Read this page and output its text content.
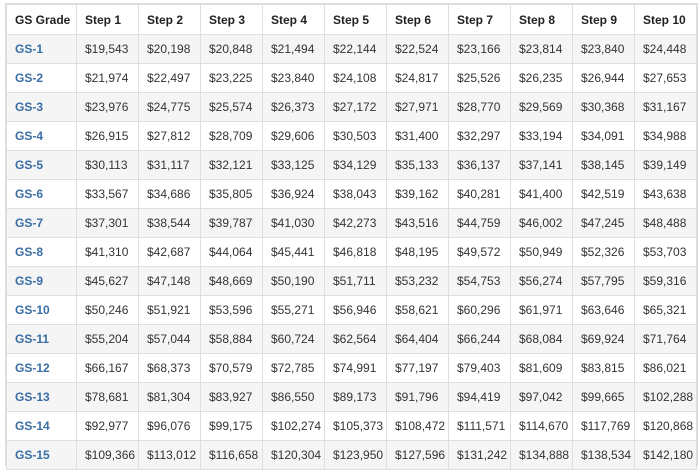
GS Grade	Step 1	Step 2	Step 3	Step 4	Step 5	Step 6	Step 7	Step 8	Step 9	Step 10
GS-1	$19,543	$20,198	$20,848	$21,494	$22,144	$22,524	$23,166	$23,814	$23,840	$24,448
GS-2	$21,974	$22,497	$23,225	$23,840	$24,108	$24,817	$25,526	$26,235	$26,944	$27,653
GS-3	$23,976	$24,775	$25,574	$26,373	$27,172	$27,971	$28,770	$29,569	$30,368	$31,167
GS-4	$26,915	$27,812	$28,709	$29,606	$30,503	$31,400	$32,297	$33,194	$34,091	$34,988
GS-5	$30,113	$31,117	$32,121	$33,125	$34,129	$35,133	$36,137	$37,141	$38,145	$39,149
GS-6	$33,567	$34,686	$35,805	$36,924	$38,043	$39,162	$40,281	$41,400	$42,519	$43,638
GS-7	$37,301	$38,544	$39,787	$41,030	$42,273	$43,516	$44,759	$46,002	$47,245	$48,488
GS-8	$41,310	$42,687	$44,064	$45,441	$46,818	$48,195	$49,572	$50,949	$52,326	$53,703
GS-9	$45,627	$47,148	$48,669	$50,190	$51,711	$53,232	$54,753	$56,274	$57,795	$59,316
GS-10	$50,246	$51,921	$53,596	$55,271	$56,946	$58,621	$60,296	$61,971	$63,646	$65,321
GS-11	$55,204	$57,044	$58,884	$60,724	$62,564	$64,404	$66,244	$68,084	$69,924	$71,764
GS-12	$66,167	$68,373	$70,579	$72,785	$74,991	$77,197	$79,403	$81,609	$83,815	$86,021
GS-13	$78,681	$81,304	$83,927	$86,550	$89,173	$91,796	$94,419	$97,042	$99,665	$102,288
GS-14	$92,977	$96,076	$99,175	$102,274	$105,373	$108,472	$111,571	$114,670	$117,769	$120,868
GS-15	$109,366	$113,012	$116,658	$120,304	$123,950	$127,596	$131,242	$134,888	$138,534	$142,180
